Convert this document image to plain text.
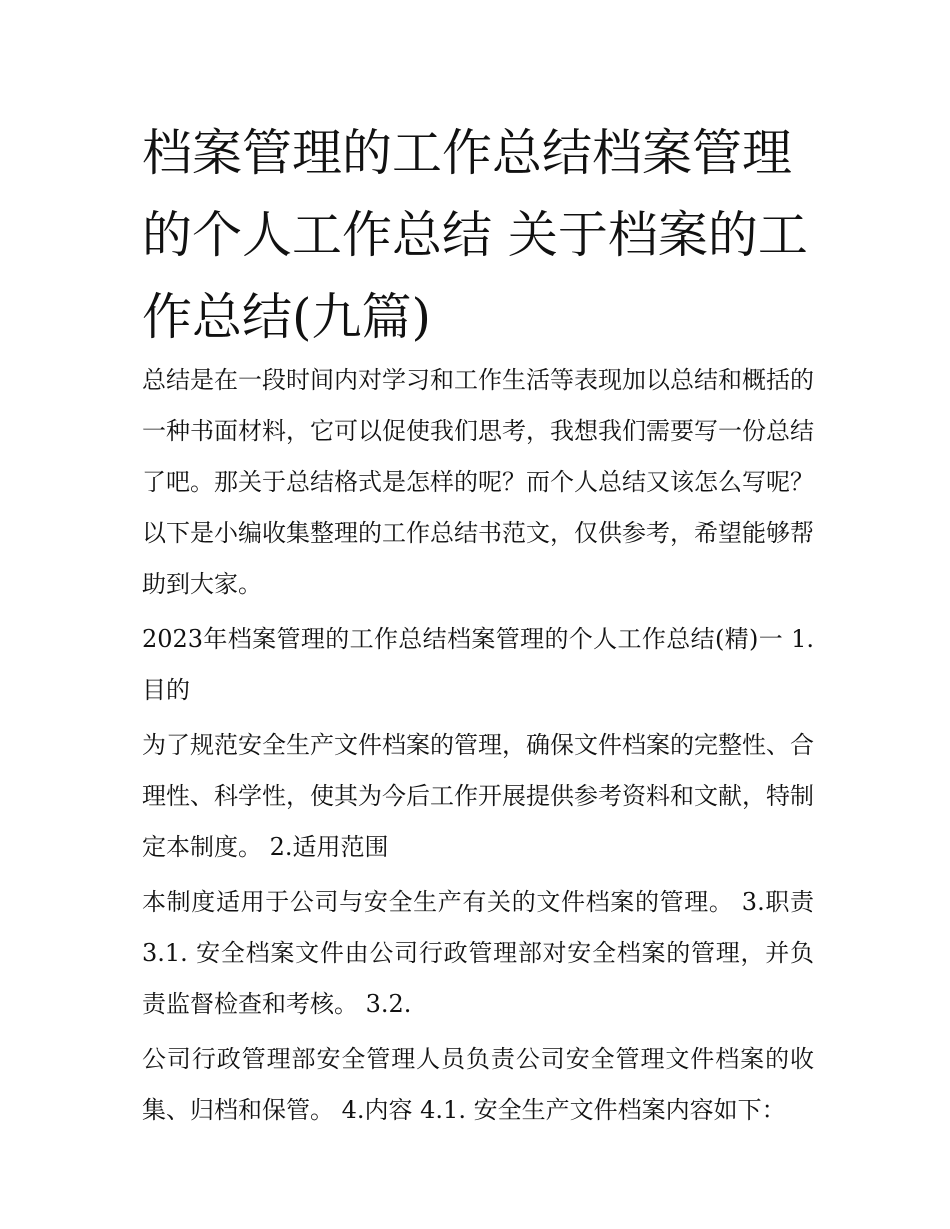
档案管理的工作总结档案管理的个人工作总结 关于档案的工作总结(九篇)

总结是在一段时间内对学习和工作生活等表现加以总结和概括的一种书面材料，它可以促使我们思考，我想我们需要写一份总结了吧。那关于总结格式是怎样的呢？而个人总结又该怎么写呢？以下是小编收集整理的工作总结书范文，仅供参考，希望能够帮助到大家。

2023年档案管理的工作总结档案管理的个人工作总结(精)一 1.目的

为了规范安全生产文件档案的管理，确保文件档案的完整性、合理性、科学性，使其为今后工作开展提供参考资料和文献，特制定本制度。 2.适用范围

本制度适用于公司与安全生产有关的文件档案的管理。 3.职责 3.1. 安全档案文件由公司行政管理部对安全档案的管理，并负责监督检查和考核。 3.2.

公司行政管理部安全管理人员负责公司安全管理文件档案的收集、归档和保管。 4.内容 4.1. 安全生产文件档案内容如下：
